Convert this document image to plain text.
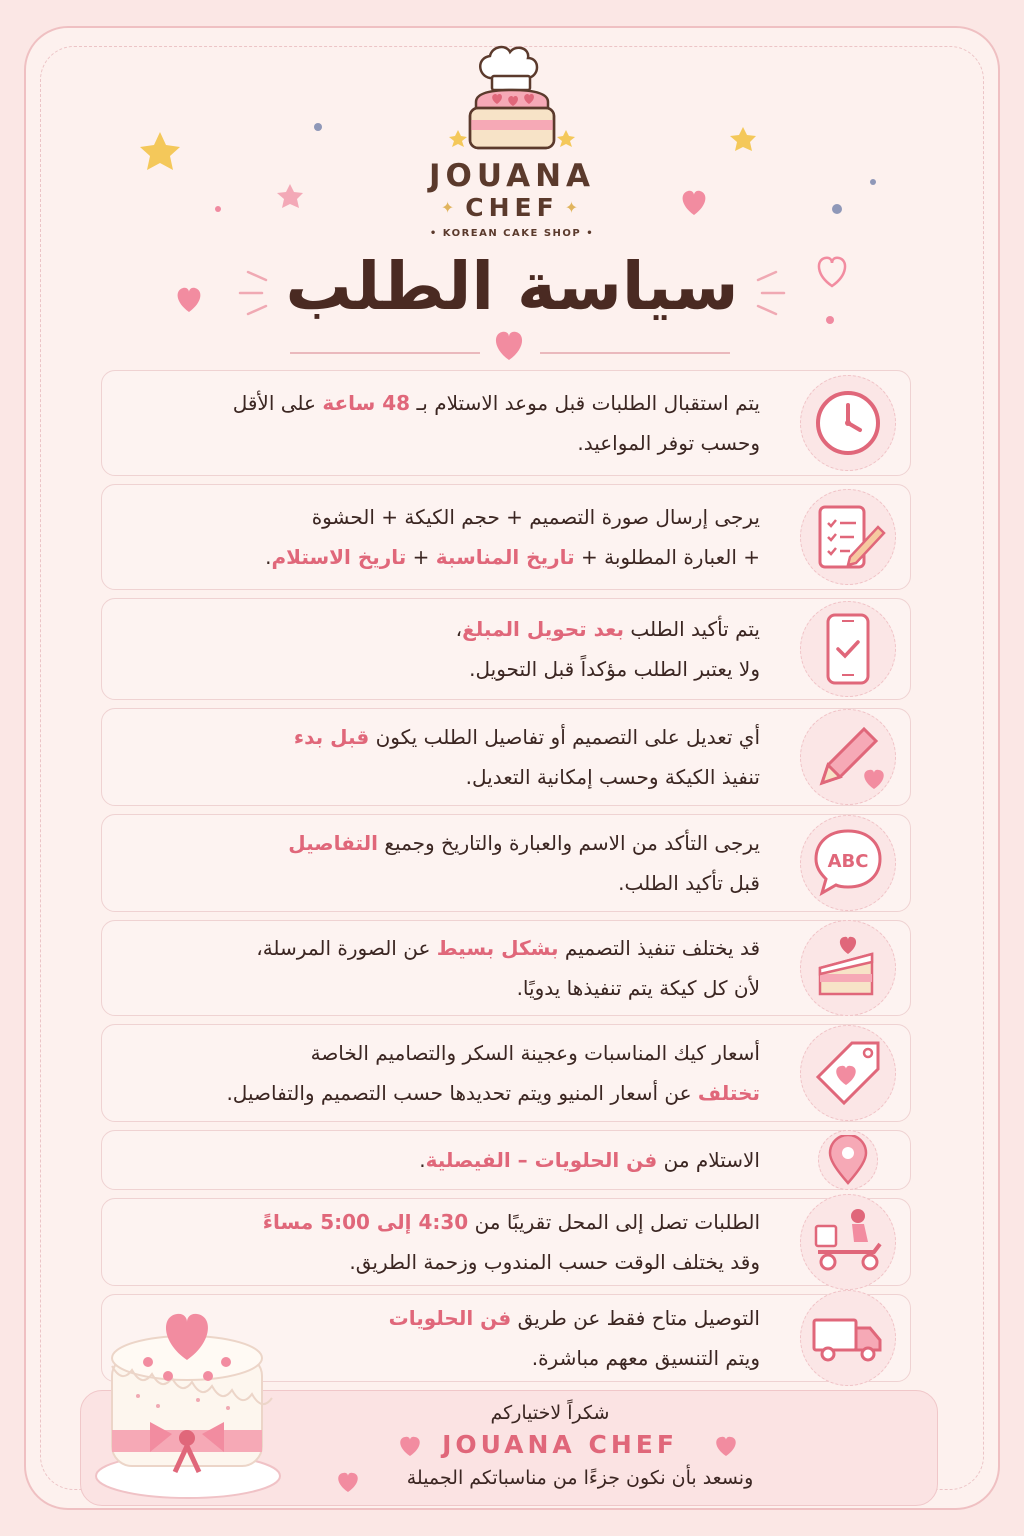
JOUANA
✦ CHEF ✦
• KOREAN CAKE SHOP •
سياسة الطلب
يتم استقبال الطلبات قبل موعد الاستلام بـ 48 ساعة على الأقل
وحسب توفر المواعيد.
يرجى إرسال صورة التصميم + حجم الكيكة + الحشوة
+ العبارة المطلوبة + تاريخ المناسبة + تاريخ الاستلام.
يتم تأكيد الطلب بعد تحويل المبلغ،
ولا يعتبر الطلب مؤكداً قبل التحويل.
أي تعديل على التصميم أو تفاصيل الطلب يكون قبل بدء
تنفيذ الكيكة وحسب إمكانية التعديل.
يرجى التأكد من الاسم والعبارة والتاريخ وجميع التفاصيل
قبل تأكيد الطلب.
ABC
قد يختلف تنفيذ التصميم بشكل بسيط عن الصورة المرسلة،
لأن كل كيكة يتم تنفيذها يدويًا.
أسعار كيك المناسبات وعجينة السكر والتصاميم الخاصة
تختلف عن أسعار المنيو ويتم تحديدها حسب التصميم والتفاصيل.
الاستلام من فن الحلويات – الفيصلية.
الطلبات تصل إلى المحل تقريبًا من 4:30 إلى 5:00 مساءً
وقد يختلف الوقت حسب المندوب وزحمة الطريق.
التوصيل متاح فقط عن طريق فن الحلويات
ويتم التنسيق معهم مباشرة.
شكراً لاختياركم
JOUANA CHEF
ونسعد بأن نكون جزءًا من مناسباتكم الجميلة
